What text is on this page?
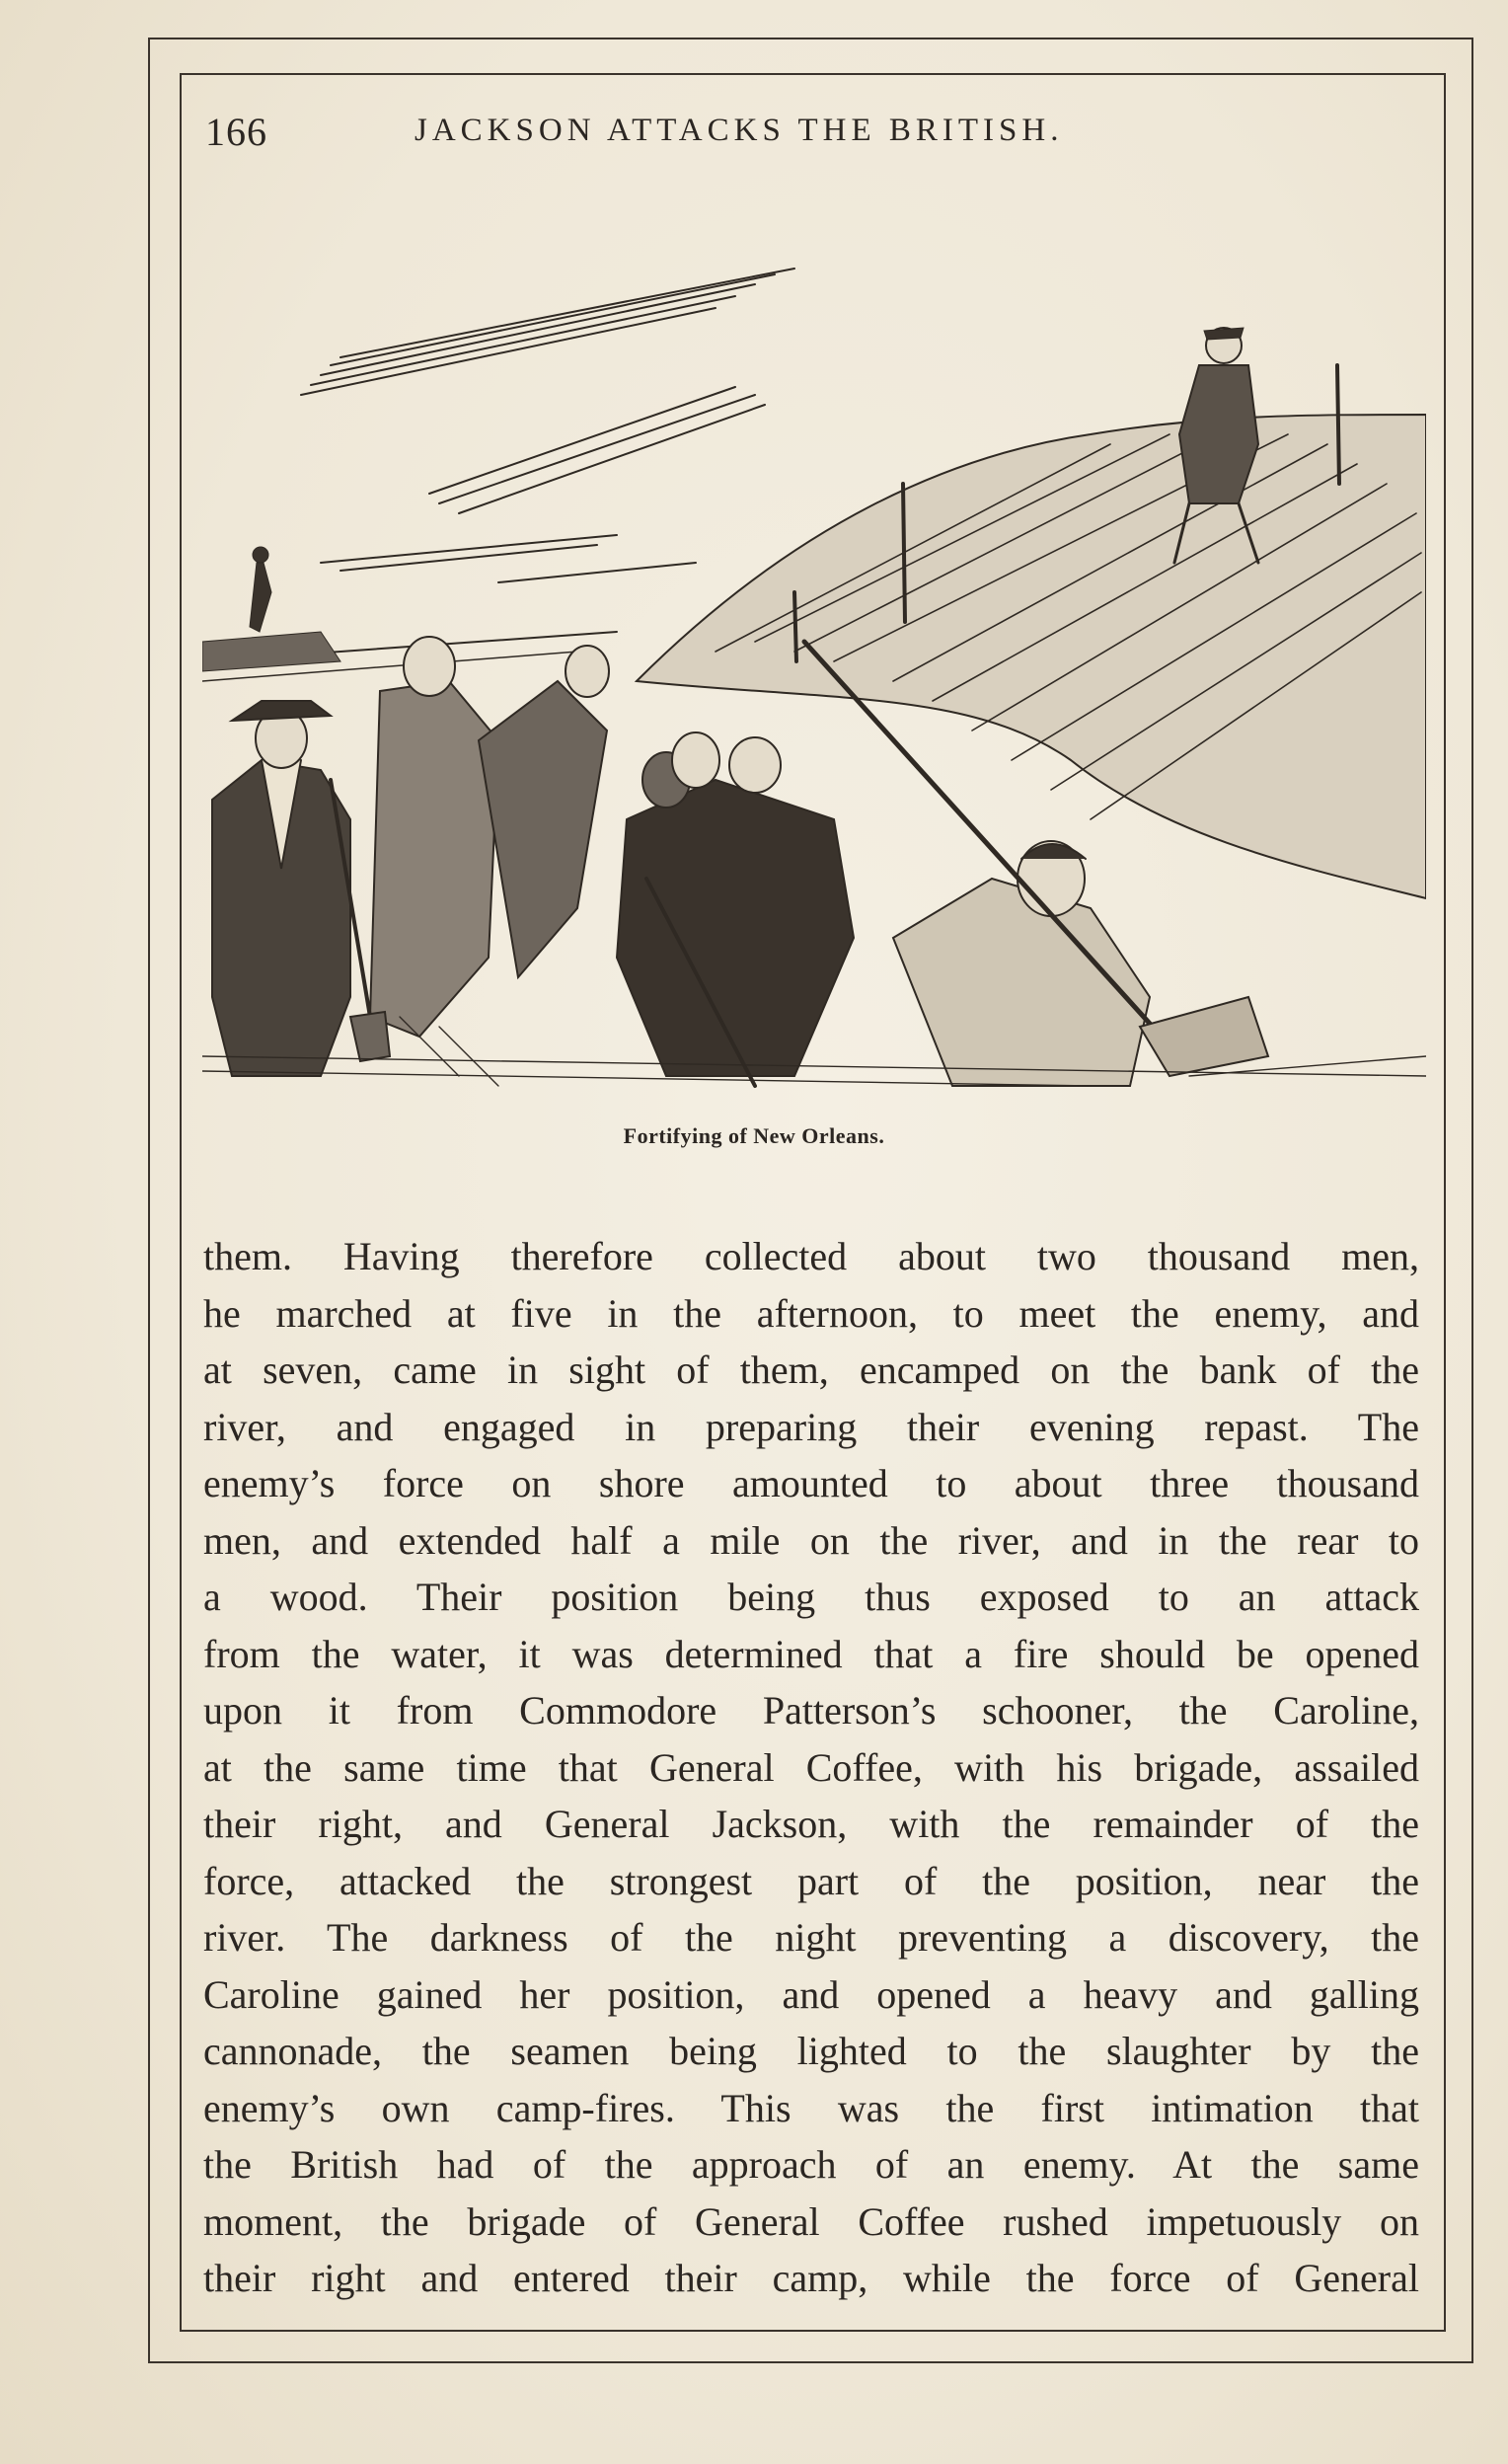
166	JACKSON ATTACKS THE BRITISH.
Fortifying of New Orleans.
them. Having therefore collected about two thousand men,
he marched at five in the afternoon, to meet the enemy, and
at seven, came in sight of them, encamped on the bank of the
river, and engaged in preparing their evening repast. The
enemy’s force on shore amounted to about three thousand
men, and extended half a mile on the river, and in the rear to
a wood. Their position being thus exposed to an attack
from the water, it was determined that a fire should be opened
upon it from Commodore Patterson’s schooner, the Caroline,
at the same time that General Coffee, with his brigade, assailed
their right, and General Jackson, with the remainder of the
force, attacked the strongest part of the position, near the
river. The darkness of the night preventing a discovery, the
Caroline gained her position, and opened a heavy and galling
cannonade, the seamen being lighted to the slaughter by the
enemy’s own camp-fires. This was the first intimation that
the British had of the approach of an enemy. At the same
moment, the brigade of General Coffee rushed impetuously on
their right and entered their camp, while the force of General
